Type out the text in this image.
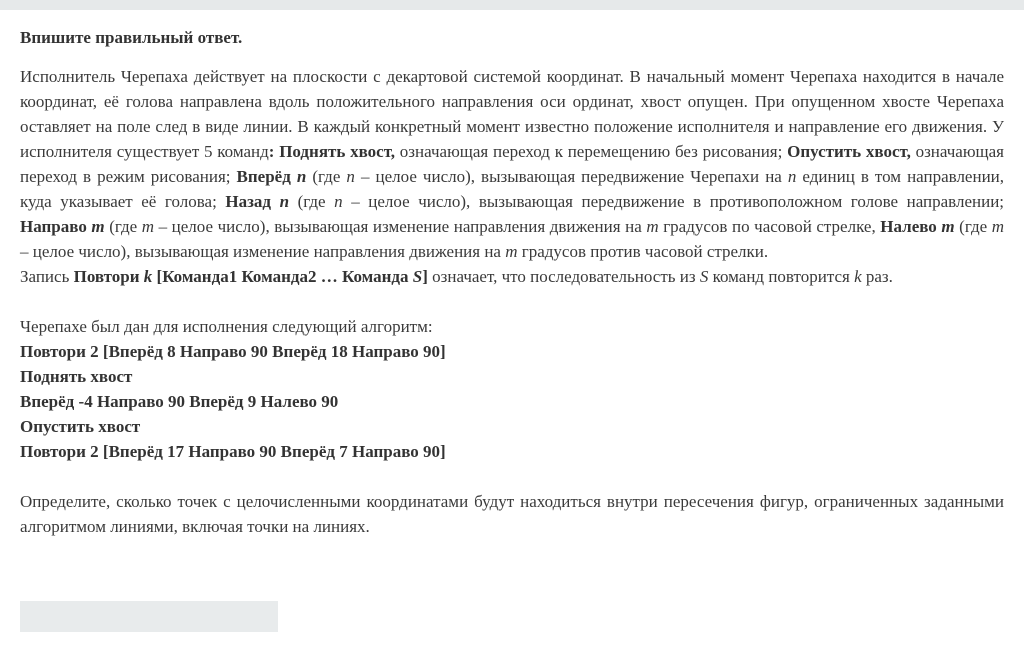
Впишите правильный ответ.

Исполнитель Черепаха действует на плоскости с декартовой системой координат. В начальный момент Черепаха находится в начале координат, её голова направлена вдоль положительного направления оси ординат, хвост опущен. При опущенном хвосте Черепаха оставляет на поле след в виде линии. В каждый конкретный момент известно положение исполнителя и направление его движения. У исполнителя существует 5 команд: Поднять хвост, означающая переход к перемещению без рисования; Опустить хвост, означающая переход в режим рисования; Вперёд n (где n – целое число), вызывающая передвижение Черепахи на n единиц в том направлении, куда указывает её голова; Назад n (где n – целое число), вызывающая передвижение в противоположном голове направлении; Направо m (где m – целое число), вызывающая изменение направления движения на m градусов по часовой стрелке, Налево m (где m – целое число), вызывающая изменение направления движения на m градусов против часовой стрелки.

Запись Повтори k [Команда1 Команда2 … Команда S] означает, что последовательность из S команд повторится k раз.

Черепахе был дан для исполнения следующий алгоритм:

Повтори 2 [Вперёд 8 Направо 90 Вперёд 18 Направо 90]

Поднять хвост

Вперёд -4 Направо 90 Вперёд 9 Налево 90

Опустить хвост

Повтори 2 [Вперёд 17 Направо 90 Вперёд 7 Направо 90]

Определите, сколько точек с целочисленными координатами будут находиться внутри пересечения фигур, ограниченных заданными алгоритмом линиями, включая точки на линиях.
